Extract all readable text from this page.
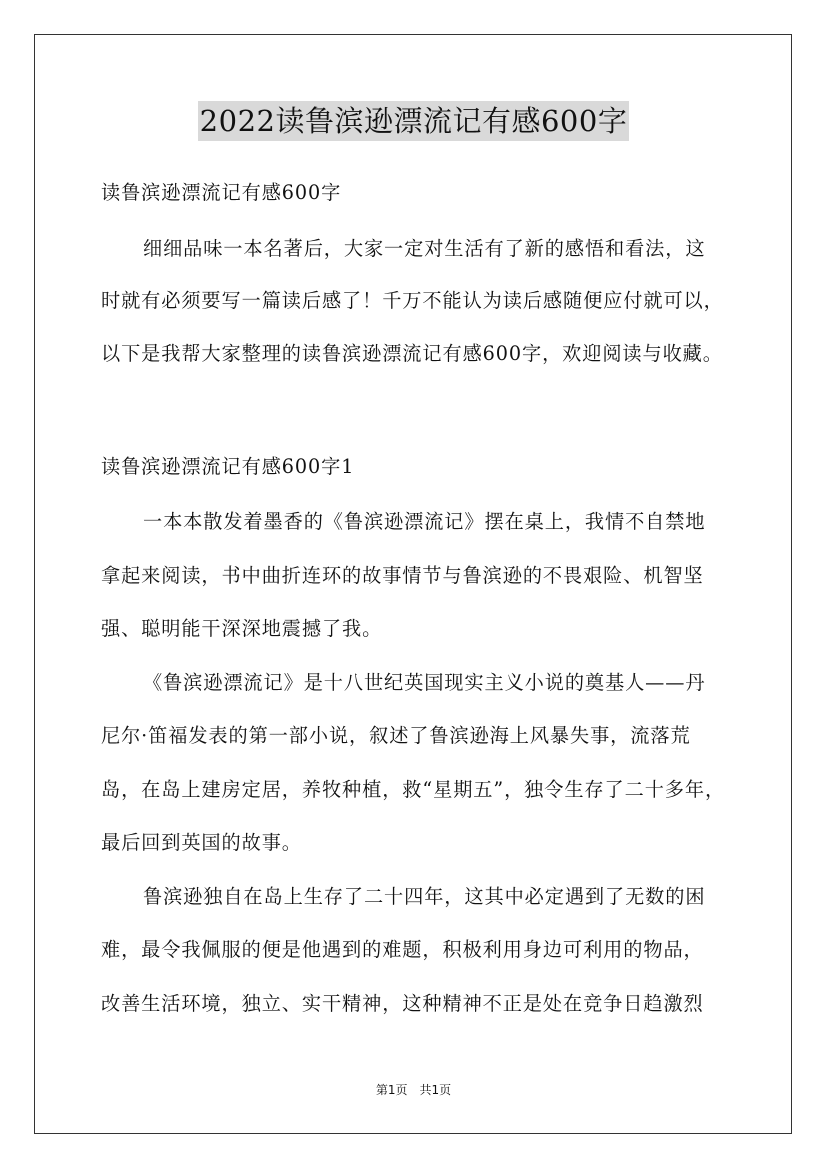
2022读鲁滨逊漂流记有感600字
读鲁滨逊漂流记有感600字
细细品味一本名著后，大家一定对生活有了新的感悟和看法，这
时就有必须要写一篇读后感了！千万不能认为读后感随便应付就可以，
以下是我帮大家整理的读鲁滨逊漂流记有感600字，欢迎阅读与收藏。
读鲁滨逊漂流记有感600字1
一本本散发着墨香的《鲁滨逊漂流记》摆在桌上，我情不自禁地
拿起来阅读，书中曲折连环的故事情节与鲁滨逊的不畏艰险、机智坚
强、聪明能干深深地震撼了我。
《鲁滨逊漂流记》是十八世纪英国现实主义小说的奠基人——丹
尼尔·笛福发表的第一部小说，叙述了鲁滨逊海上风暴失事，流落荒
岛，在岛上建房定居，养牧种植，救“星期五”，独令生存了二十多年，
最后回到英国的故事。
鲁滨逊独自在岛上生存了二十四年，这其中必定遇到了无数的困
难，最令我佩服的便是他遇到的难题，积极利用身边可利用的物品，
改善生活环境，独立、实干精神，这种精神不正是处在竞争日趋激烈
第1页　共1页
